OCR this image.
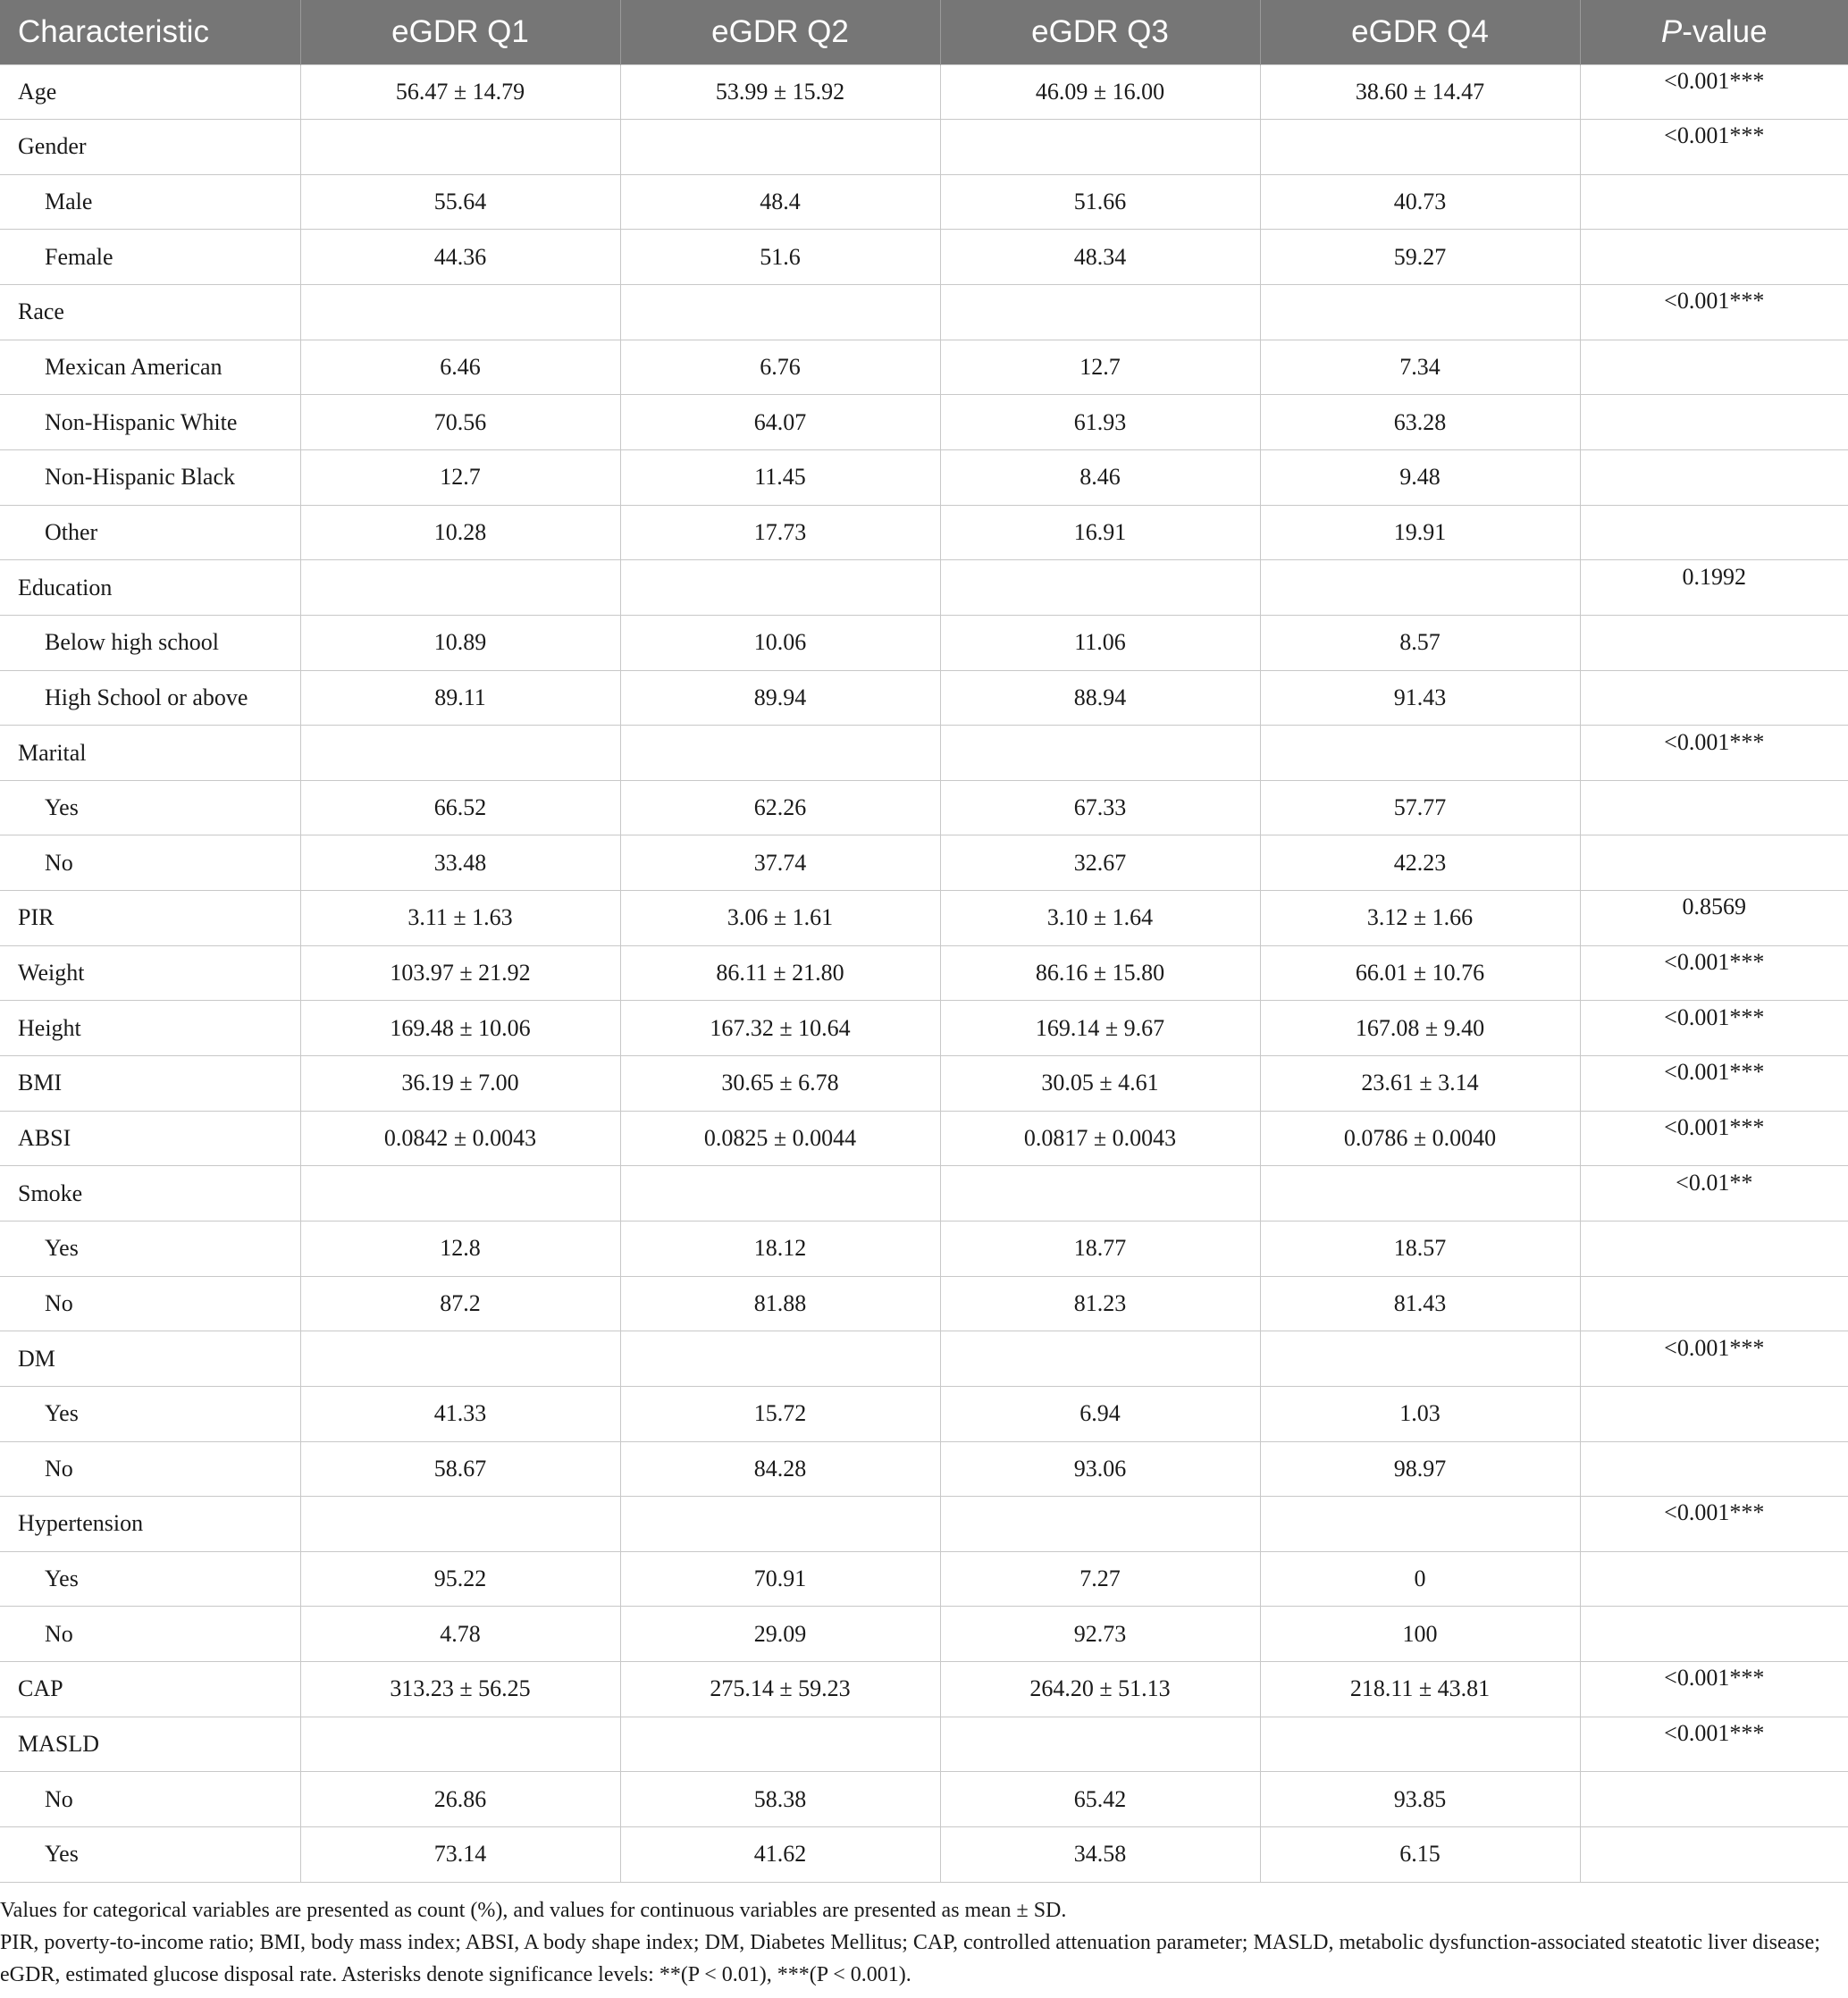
Characteristic	eGDR Q1	eGDR Q2	eGDR Q3	eGDR Q4	P-value
Age	56.47 ± 14.79	53.99 ± 15.92	46.09 ± 16.00	38.60 ± 14.47	<0.001***
Gender					<0.001***
Male	55.64	48.4	51.66	40.73	
Female	44.36	51.6	48.34	59.27	
Race					<0.001***
Mexican American	6.46	6.76	12.7	7.34	
Non-Hispanic White	70.56	64.07	61.93	63.28	
Non-Hispanic Black	12.7	11.45	8.46	9.48	
Other	10.28	17.73	16.91	19.91	
Education					0.1992
Below high school	10.89	10.06	11.06	8.57	
High School or above	89.11	89.94	88.94	91.43	
Marital					<0.001***
Yes	66.52	62.26	67.33	57.77	
No	33.48	37.74	32.67	42.23	
PIR	3.11 ± 1.63	3.06 ± 1.61	3.10 ± 1.64	3.12 ± 1.66	0.8569
Weight	103.97 ± 21.92	86.11 ± 21.80	86.16 ± 15.80	66.01 ± 10.76	<0.001***
Height	169.48 ± 10.06	167.32 ± 10.64	169.14 ± 9.67	167.08 ± 9.40	<0.001***
BMI	36.19 ± 7.00	30.65 ± 6.78	30.05 ± 4.61	23.61 ± 3.14	<0.001***
ABSI	0.0842 ± 0.0043	0.0825 ± 0.0044	0.0817 ± 0.0043	0.0786 ± 0.0040	<0.001***
Smoke					<0.01**
Yes	12.8	18.12	18.77	18.57	
No	87.2	81.88	81.23	81.43	
DM					<0.001***
Yes	41.33	15.72	6.94	1.03	
No	58.67	84.28	93.06	98.97	
Hypertension					<0.001***
Yes	95.22	70.91	7.27	0	
No	4.78	29.09	92.73	100	
CAP	313.23 ± 56.25	275.14 ± 59.23	264.20 ± 51.13	218.11 ± 43.81	<0.001***
MASLD					<0.001***
No	26.86	58.38	65.42	93.85	
Yes	73.14	41.62	34.58	6.15	

Values for categorical variables are presented as count (%), and values for continuous variables are presented as mean ± SD.

PIR, poverty-to-income ratio; BMI, body mass index; ABSI, A body shape index; DM, Diabetes Mellitus; CAP, controlled attenuation parameter; MASLD, metabolic dysfunction-associated steatotic liver disease; eGDR, estimated glucose disposal rate. Asterisks denote significance levels: **(P < 0.01), ***(P < 0.001).
